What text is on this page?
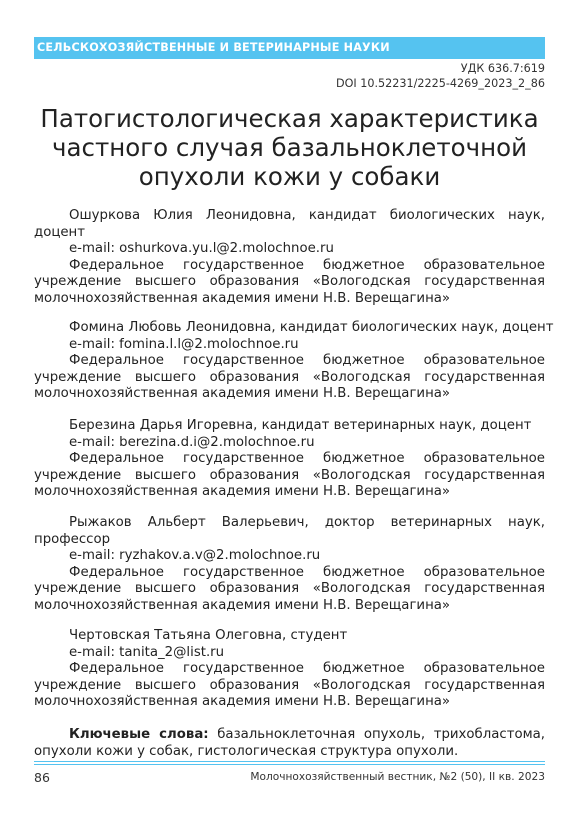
СЕЛЬСКОХОЗЯЙСТВЕННЫЕ И ВЕТЕРИНАРНЫЕ НАУКИ
УДК 636.7:619
DOI 10.52231/2225-4269_2023_2_86
Патогистологическая характеристика
частного случая базальноклеточной
опухоли кожи у собаки
Ошуркова Юлия Леонидовна, кандидат биологических наук,
доцент
e-mail: oshurkova.yu.l@2.molochnoe.ru
Федеральное государственное бюджетное образовательное
учреждение высшего образования «Вологодская государственная
молочнохозяйственная академия имени Н.В. Верещагина»
Фомина Любовь Леонидовна, кандидат биологических наук, доцент
e-mail: fomina.l.l@2.molochnoe.ru
Федеральное государственное бюджетное образовательное
учреждение высшего образования «Вологодская государственная
молочнохозяйственная академия имени Н.В. Верещагина»
Березина Дарья Игоревна, кандидат ветеринарных наук, доцент
e-mail: berezina.d.i@2.molochnoe.ru
Федеральное государственное бюджетное образовательное
учреждение высшего образования «Вологодская государственная
молочнохозяйственная академия имени Н.В. Верещагина»
Рыжаков Альберт Валерьевич, доктор ветеринарных наук,
профессор
e-mail: ryzhakov.a.v@2.molochnoe.ru
Федеральное государственное бюджетное образовательное
учреждение высшего образования «Вологодская государственная
молочнохозяйственная академия имени Н.В. Верещагина»
Чертовская Татьяна Олеговна, студент
e-mail: tanita_2@list.ru
Федеральное государственное бюджетное образовательное
учреждение высшего образования «Вологодская государственная
молочнохозяйственная академия имени Н.В. Верещагина»
Ключевые слова: базальноклеточная опухоль, трихобластома,
опухоли кожи у собак, гистологическая структура опухоли.
86	Молочнохозяйственный вестник, №2 (50), II кв. 2023
